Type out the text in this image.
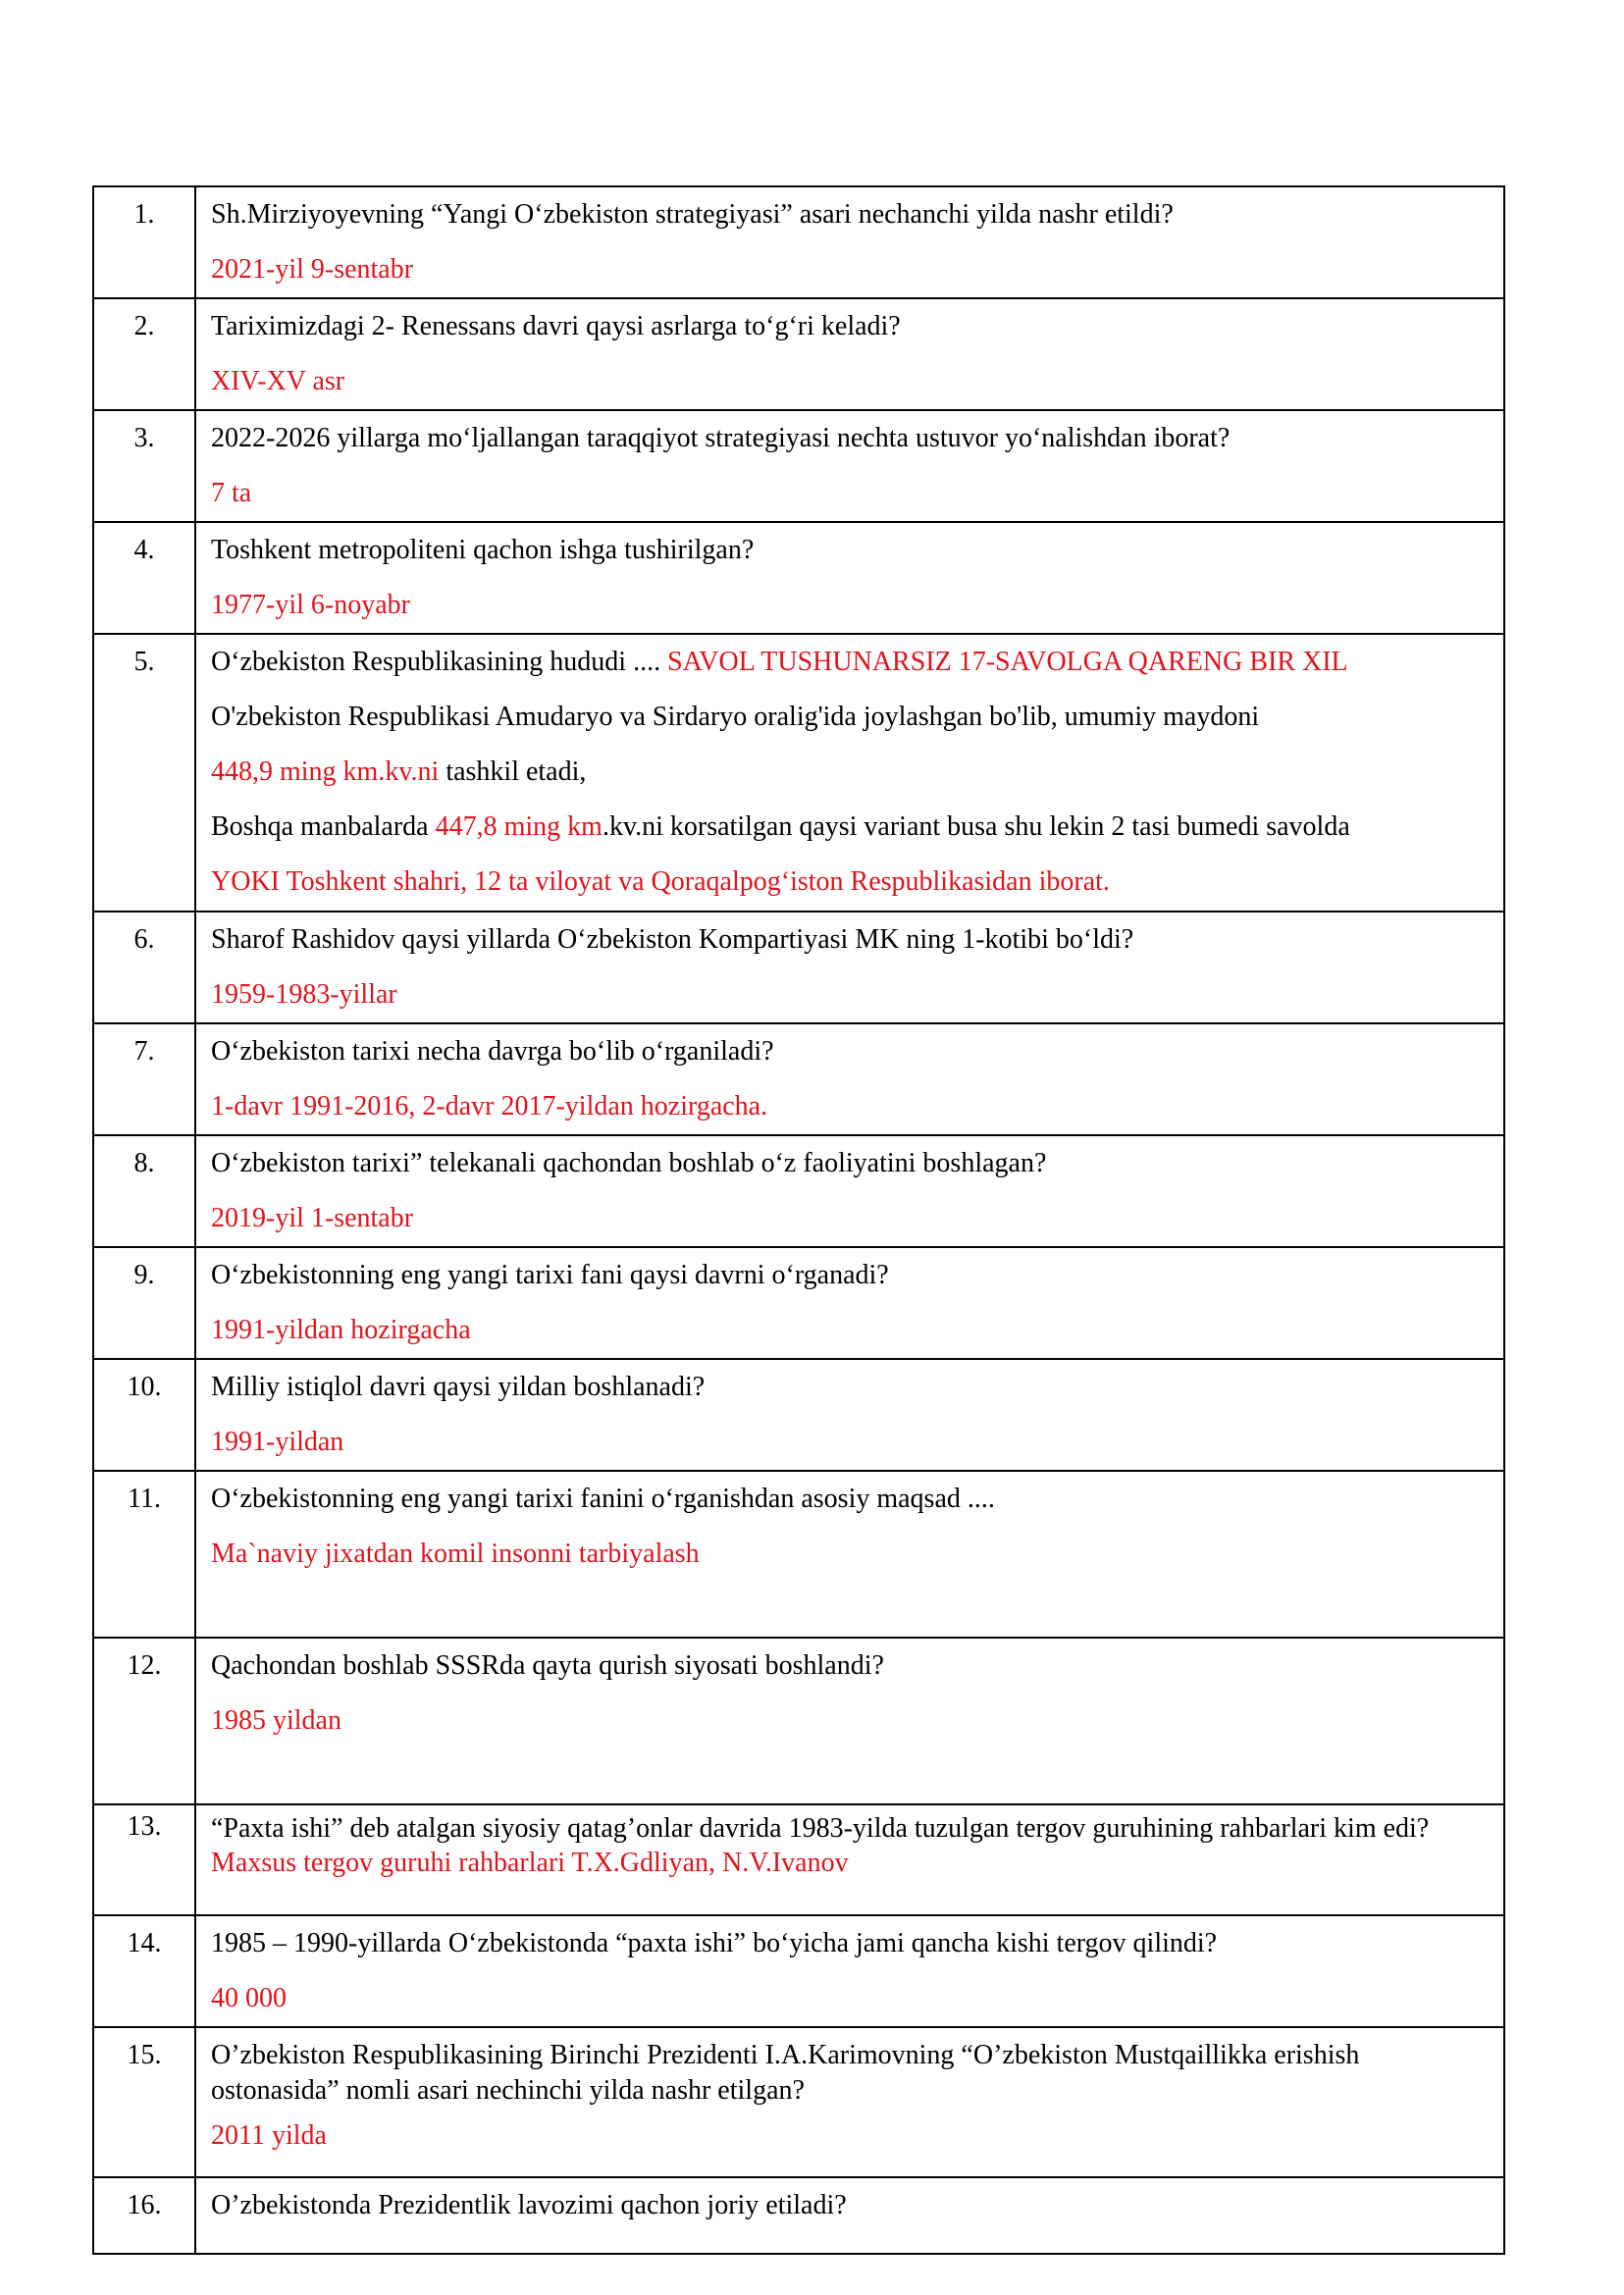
1.	Sh.Mirziyoyevning “Yangi O‘zbekiston strategiyasi” asari nechanchi yilda nashr etildi?
2021-yil 9-sentabr

2.	Tariximizdagi 2- Renessans davri qaysi asrlarga to‘g‘ri keladi?
XIV-XV asr

3.	2022-2026 yillarga mo‘ljallangan taraqqiyot strategiyasi nechta ustuvor yo‘nalishdan iborat?
7 ta

4.	Toshkent metropoliteni qachon ishga tushirilgan?
1977-yil 6-noyabr

5.	O‘zbekiston Respublikasining hududi .... SAVOL TUSHUNARSIZ 17-SAVOLGA QARENG BIR XIL
O'zbekiston Respublikasi Amudaryo va Sirdaryo oralig'ida joylashgan bo'lib, umumiy maydoni
448,9 ming km.kv.ni tashkil etadi,
Boshqa manbalarda 447,8 ming km.kv.ni korsatilgan qaysi variant busa shu lekin 2 tasi bumedi savolda
YOKI Toshkent shahri, 12 ta viloyat va Qoraqalpog‘iston Respublikasidan iborat.

6.	Sharof Rashidov qaysi yillarda O‘zbekiston Kompartiyasi MK ning 1-kotibi bo‘ldi?
1959-1983-yillar

7.	O‘zbekiston tarixi necha davrga bo‘lib o‘rganiladi?
1-davr 1991-2016, 2-davr 2017-yildan hozirgacha.

8.	O‘zbekiston tarixi” telekanali qachondan boshlab o‘z faoliyatini boshlagan?
2019-yil 1-sentabr

9.	O‘zbekistonning eng yangi tarixi fani qaysi davrni o‘rganadi?
1991-yildan hozirgacha

10.	Milliy istiqlol davri qaysi yildan boshlanadi?
1991-yildan

11.	O‘zbekistonning eng yangi tarixi fanini o‘rganishdan asosiy maqsad ....
Ma`naviy jixatdan komil insonni tarbiyalash

12.	Qachondan boshlab SSSRda qayta qurish siyosati boshlandi?
1985 yildan

13.	“Paxta ishi” deb atalgan siyosiy qatag’onlar davrida 1983-yilda tuzulgan tergov guruhining rahbarlari kim edi?
Maxsus tergov guruhi rahbarlari T.X.Gdliyan, N.V.Ivanov

14.	1985 – 1990-yillarda O‘zbekistonda “paxta ishi” bo‘yicha jami qancha kishi tergov qilindi?
40 000

15.	O’zbekiston Respublikasining Birinchi Prezidenti I.A.Karimovning “O’zbekiston Mustqaillikka erishish ostonasida” nomli asari nechinchi yilda nashr etilgan?
2011 yilda

16.	O’zbekistonda Prezidentlik lavozimi qachon joriy etiladi?
